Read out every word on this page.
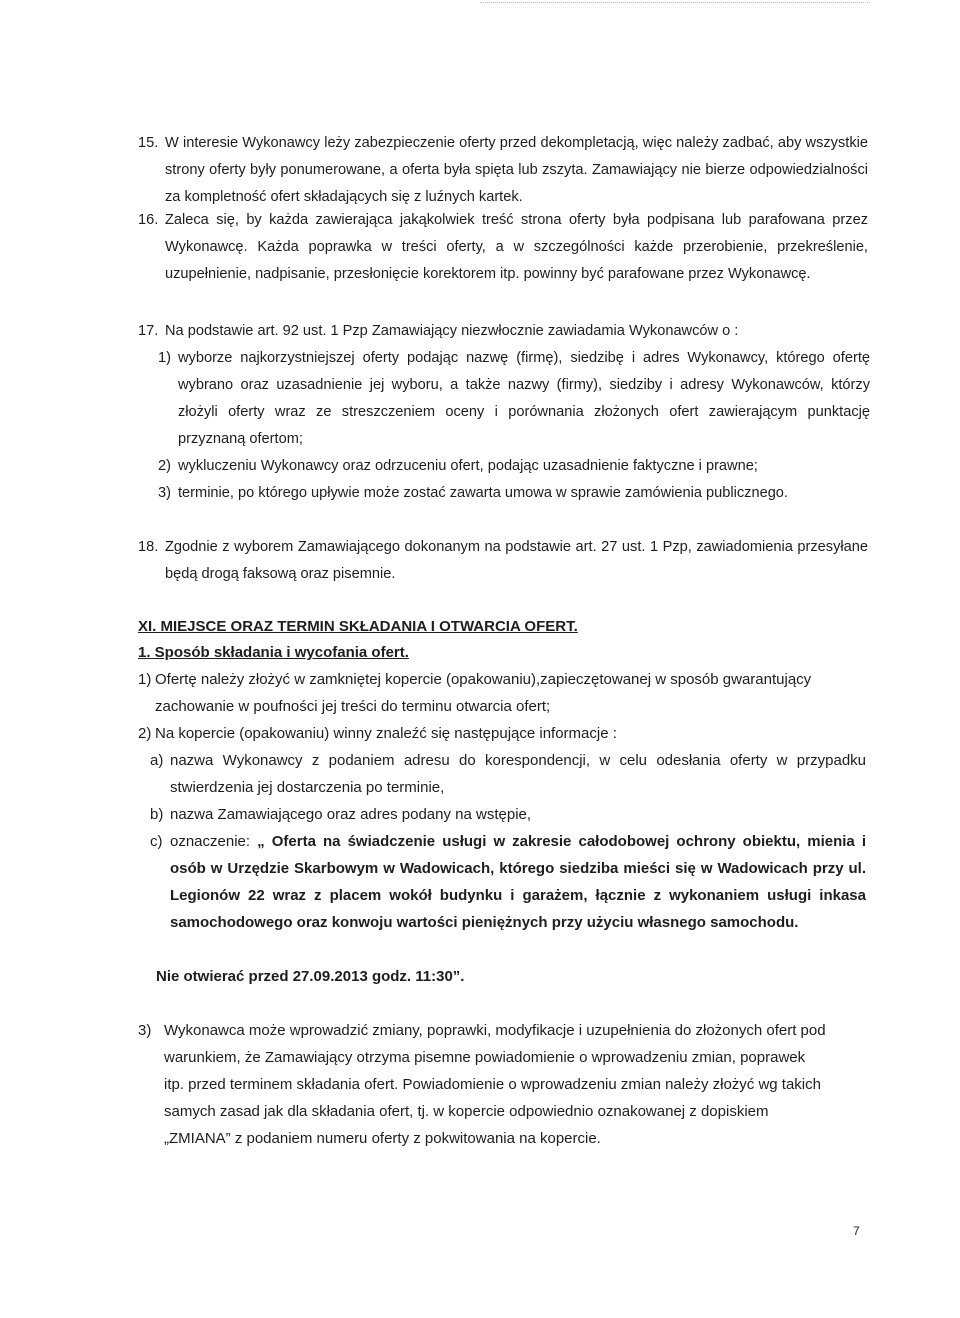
15. W interesie Wykonawcy leży zabezpieczenie oferty przed dekompletacją, więc należy zadbać, aby wszystkie strony oferty były ponumerowane, a oferta była spięta lub zszyta. Zamawiający nie bierze odpowiedzialności za kompletność ofert składających się z luźnych kartek.
16. Zaleca się, by każda zawierająca jakąkolwiek treść strona oferty była podpisana lub parafowana przez Wykonawcę. Każda poprawka w treści oferty, a w szczególności każde przerobienie, przekreślenie, uzupełnienie, nadpisanie, przesłonięcie korektorem itp. powinny być parafowane przez Wykonawcę.
17. Na podstawie art. 92 ust. 1 Pzp Zamawiający niezwłocznie zawiadamia Wykonawców o :
1) wyborze najkorzystniejszej oferty podając nazwę (firmę), siedzibę i adres Wykonawcy, którego ofertę wybrano oraz uzasadnienie jej wyboru, a także nazwy (firmy), siedziby i adresy Wykonawców, którzy złożyli oferty wraz ze streszczeniem oceny i porównania złożonych ofert zawierającym punktację przyznaną ofertom;
2) wykluczeniu Wykonawcy oraz odrzuceniu ofert, podając uzasadnienie faktyczne i prawne;
3) terminie, po którego upływie może zostać zawarta umowa w sprawie zamówienia publicznego.
18. Zgodnie z wyborem Zamawiającego dokonanym na podstawie art. 27 ust. 1 Pzp, zawiadomienia przesyłane będą drogą faksową oraz pisemnie.
XI. MIEJSCE ORAZ TERMIN SKŁADANIA I OTWARCIA OFERT.
1. Sposób składania i wycofania ofert.
1) Ofertę należy złożyć w zamkniętej kopercie (opakowaniu),zapieczętowanej w sposób gwarantujący zachowanie w poufności jej treści do terminu otwarcia ofert;
2) Na kopercie (opakowaniu) winny znaleźć się następujące informacje :
a) nazwa Wykonawcy z podaniem adresu do korespondencji, w celu odesłania oferty w przypadku stwierdzenia jej dostarczenia po terminie,
b) nazwa Zamawiającego oraz adres podany na wstępie,
c) oznaczenie: „ Oferta na świadczenie usługi w zakresie całodobowej ochrony obiektu, mienia i osób w Urzędzie Skarbowym w Wadowicach, którego siedziba mieści się w Wadowicach przy ul. Legionów 22 wraz z placem wokół budynku i garażem, łącznie z wykonaniem usługi inkasa samochodowego oraz konwoju wartości pieniężnych przy użyciu własnego samochodu.
Nie otwierać przed 27.09.2013 godz. 11:30”.
3) Wykonawca może wprowadzić zmiany, poprawki, modyfikacje i uzupełnienia do złożonych ofert pod warunkiem, że Zamawiający otrzyma pisemne powiadomienie o wprowadzeniu zmian, poprawek itp. przed terminem składania ofert. Powiadomienie o wprowadzeniu zmian należy złożyć wg takich samych zasad jak dla składania ofert, tj. w kopercie odpowiednio oznakowanej z dopiskiem „ZMIANA” z podaniem numeru oferty z pokwitowania na kopercie.
7
